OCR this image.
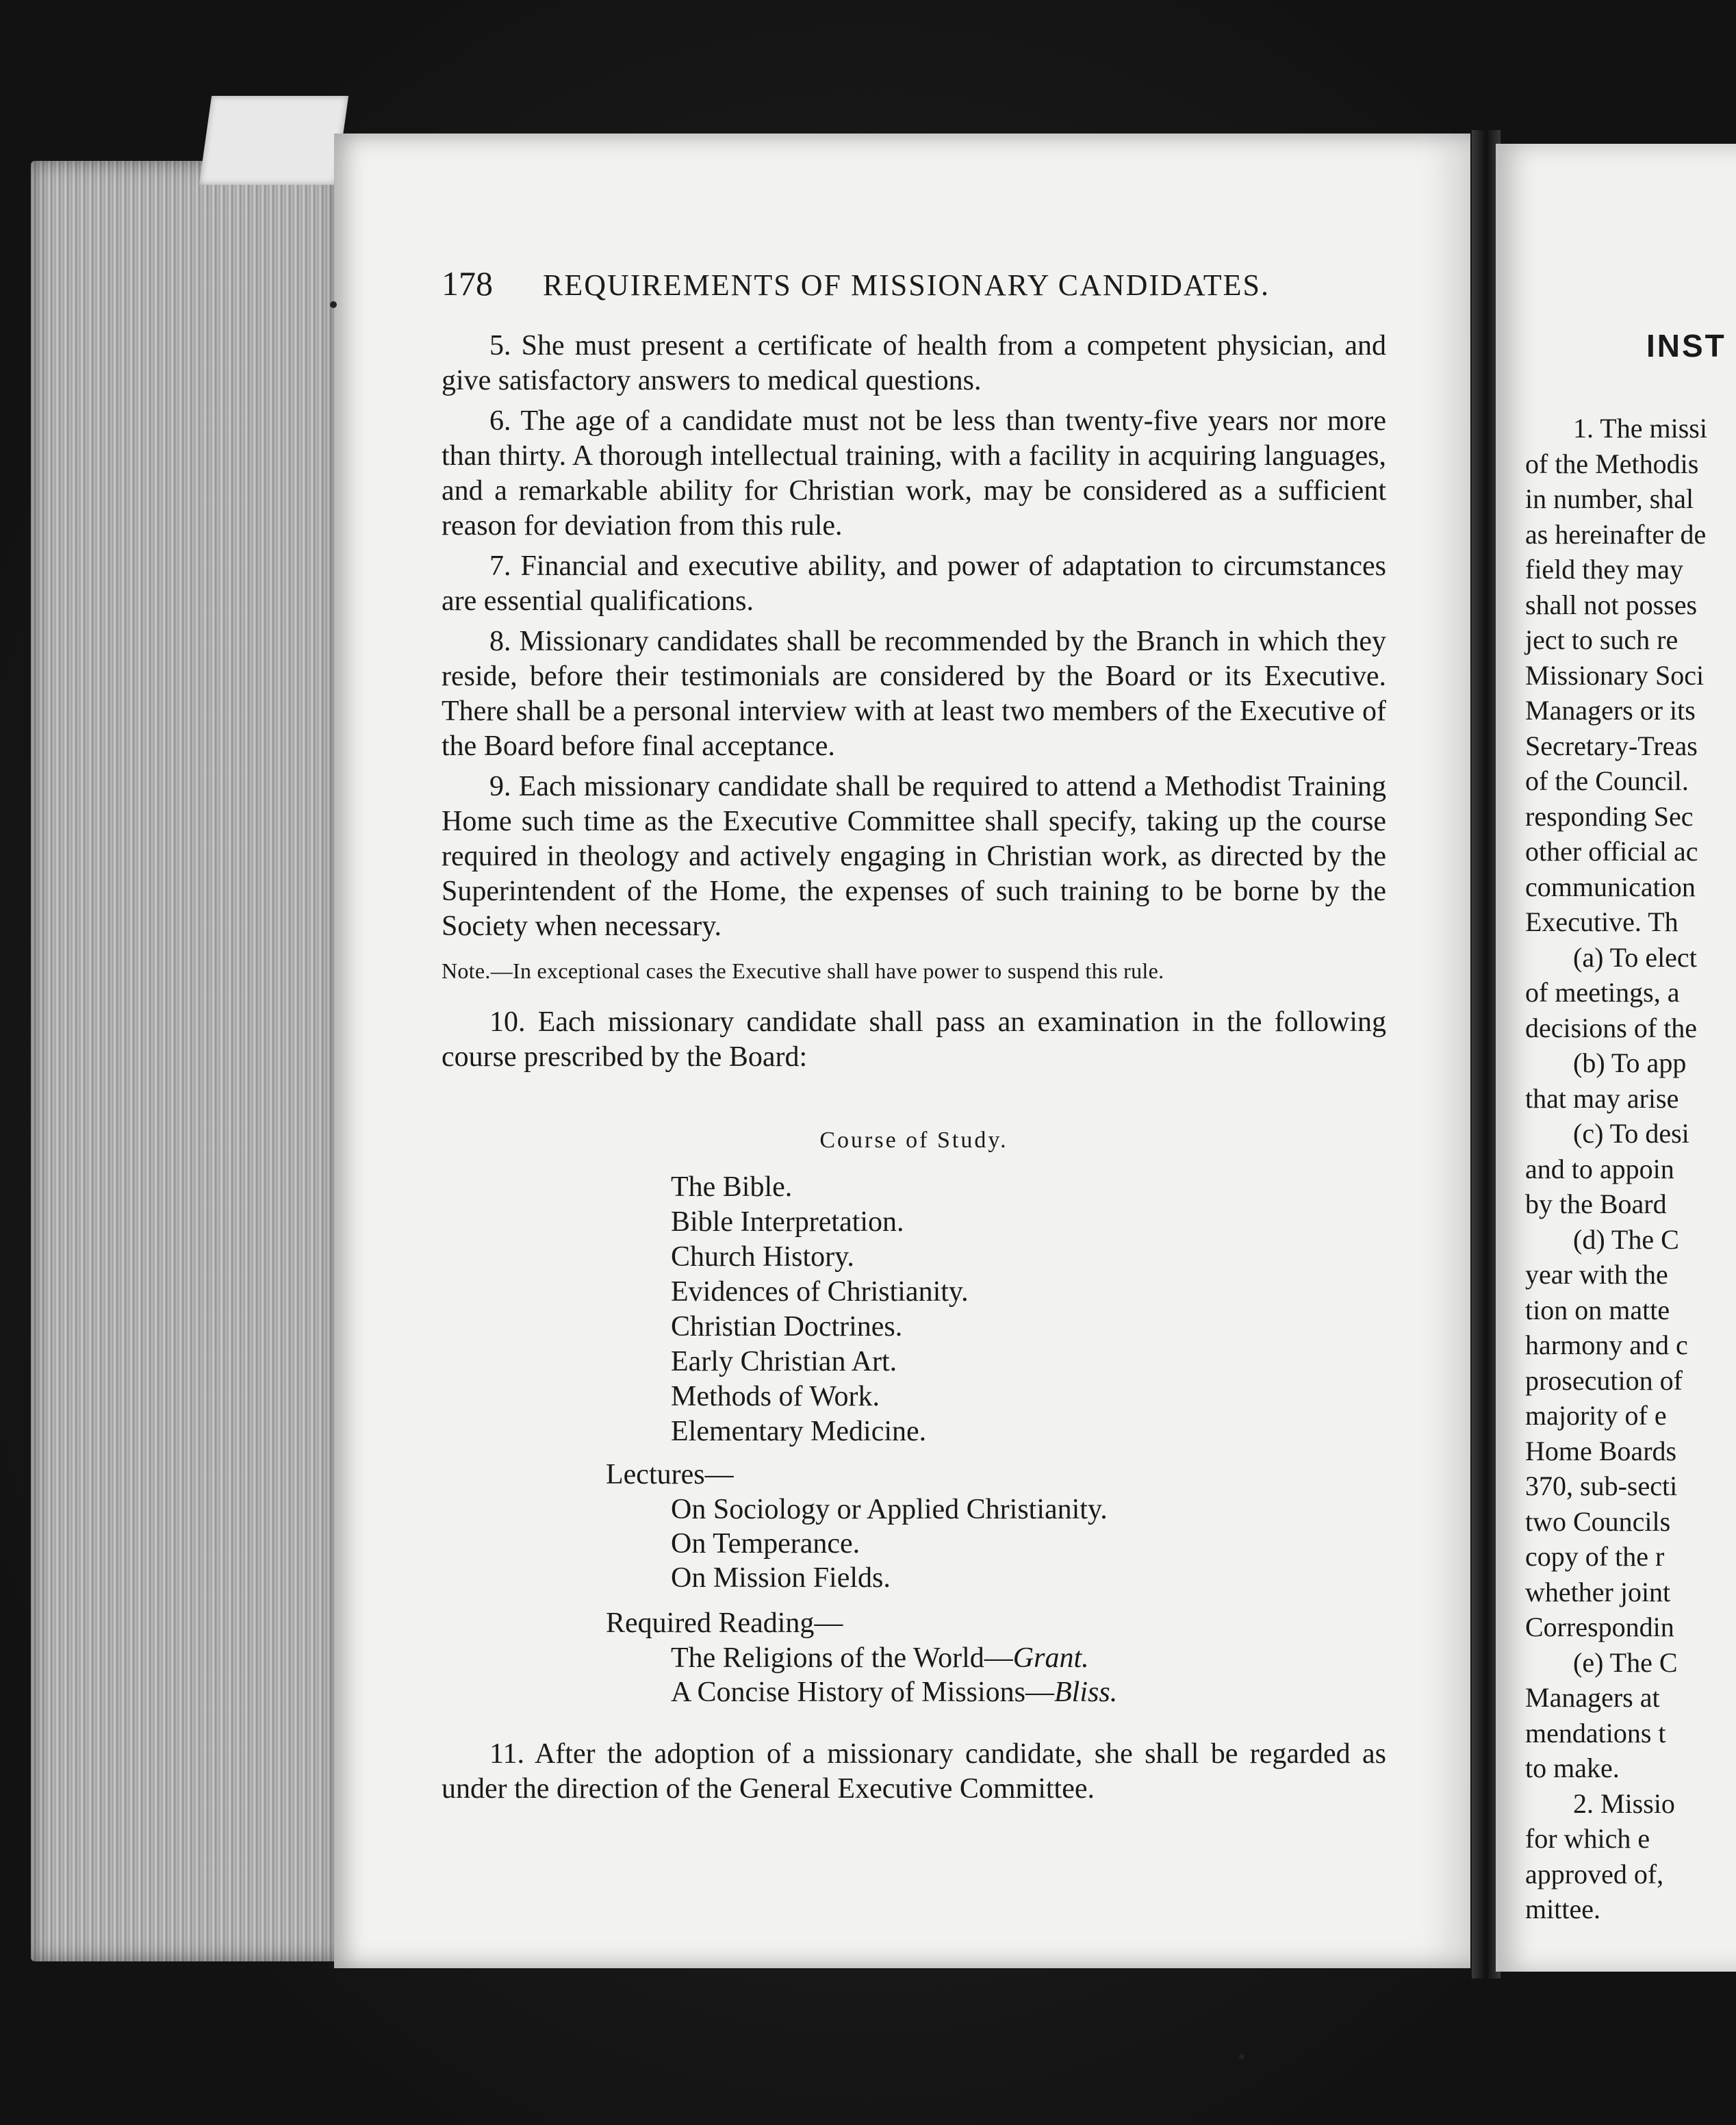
178 REQUIREMENTS OF MISSIONARY CANDIDATES.

5. She must present a certificate of health from a competent physician, and give satisfactory answers to medical questions.

6. The age of a candidate must not be less than twenty-five years nor more than thirty. A thorough intellectual training, with a facility in acquiring languages, and a remarkable ability for Christian work, may be considered as a sufficient reason for deviation from this rule.

7. Financial and executive ability, and power of adaptation to circumstances are essential qualifications.

8. Missionary candidates shall be recommended by the Branch in which they reside, before their testimonials are considered by the Board or its Executive. There shall be a personal interview with at least two members of the Executive of the Board before final acceptance.

9. Each missionary candidate shall be required to attend a Methodist Training Home such time as the Executive Committee shall specify, taking up the course required in theology and actively engaging in Christian work, as directed by the Superintendent of the Home, the expenses of such training to be borne by the Society when necessary.

Note.—In exceptional cases the Executive shall have power to suspend this rule.

10. Each missionary candidate shall pass an examination in the following course prescribed by the Board:

Course of Study.
The Bible.
Bible Interpretation.
Church History.
Evidences of Christianity.
Christian Doctrines.
Early Christian Art.
Methods of Work.
Elementary Medicine.
Lectures—
On Sociology or Applied Christianity.
On Temperance.
On Mission Fields.
Required Reading—
The Religions of the World—Grant.
A Concise History of Missions—Bliss.

11. After the adoption of a missionary candidate, she shall be regarded as under the direction of the General Executive Committee.

INST
1. The missi
of the Methodis
in number, shal
as hereinafter de
field they may
shall not posses
ject to such re
Missionary Soci
Managers or its
Secretary-Treas
of the Council.
responding Sec
other official ac
communication
Executive. Th
(a) To elect
of meetings, a
decisions of the
(b) To app
that may arise
(c) To desi
and to appoin
by the Board
(d) The C
year with the
tion on matte
harmony and c
prosecution of
majority of e
Home Boards
370, sub-secti
two Councils
copy of the r
whether joint
Correspondin
(e) The C
Managers at
mendations t
to make.
2. Missio
for which e
approved of,
mittee.
